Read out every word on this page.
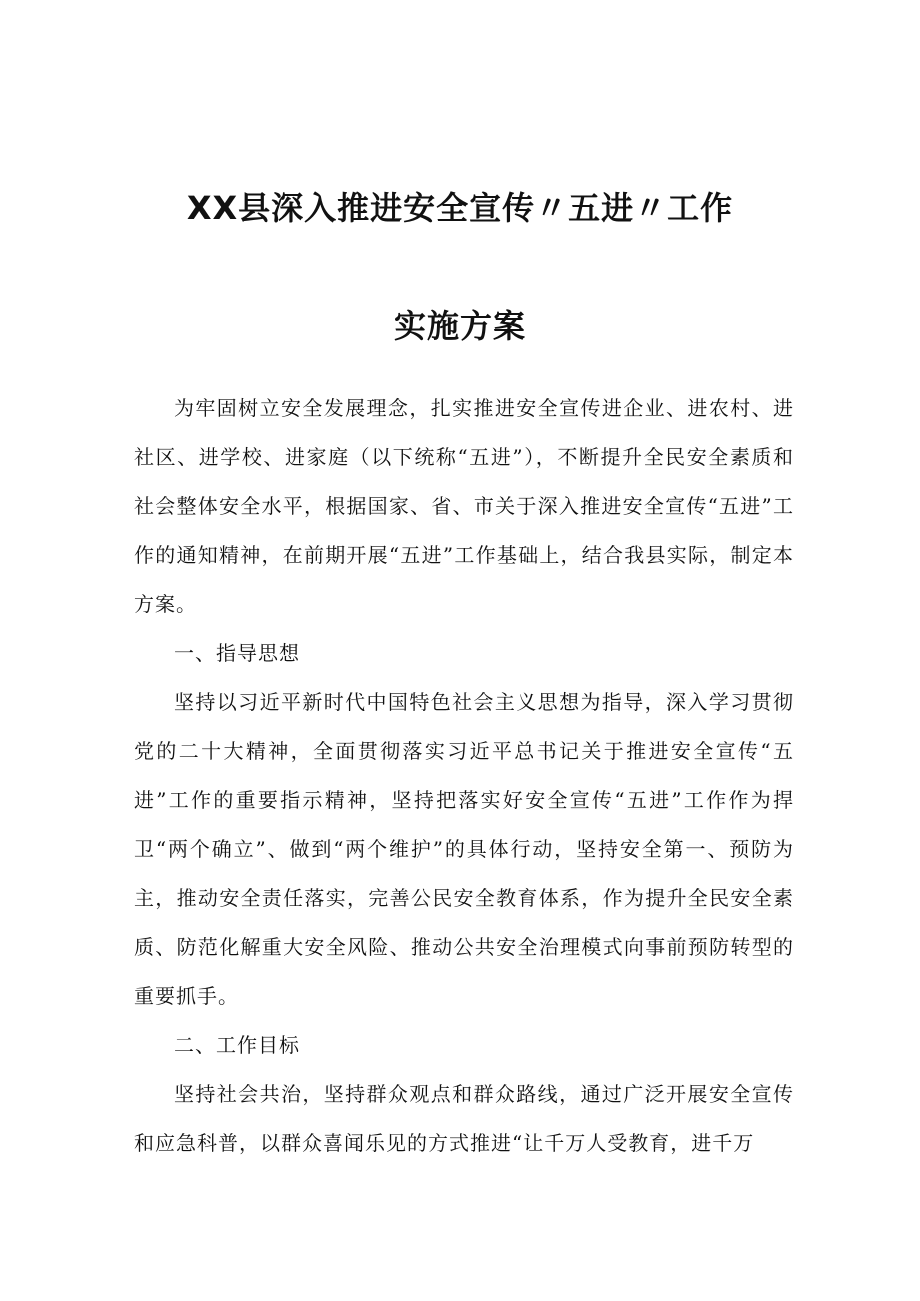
XX县深入推进安全宣传〃五进〃工作
实施方案

为牢固树立安全发展理念，扎实推进安全宣传进企业、进农村、进社区、进学校、进家庭（以下统称“五进”），不断提升全民安全素质和社会整体安全水平，根据国家、省、市关于深入推进安全宣传“五进”工作的通知精神，在前期开展“五进”工作基础上，结合我县实际，制定本方案。

一、指导思想

坚持以习近平新时代中国特色社会主义思想为指导，深入学习贯彻党的二十大精神，全面贯彻落实习近平总书记关于推进安全宣传“五进”工作的重要指示精神，坚持把落实好安全宣传“五进”工作作为捍卫“两个确立”、做到“两个维护”的具体行动，坚持安全第一、预防为主，推动安全责任落实，完善公民安全教育体系，作为提升全民安全素质、防范化解重大安全风险、推动公共安全治理模式向事前预防转型的重要抓手。

二、工作目标

坚持社会共治，坚持群众观点和群众路线，通过广泛开展安全宣传和应急科普，以群众喜闻乐见的方式推进“让千万人受教育，进千万
